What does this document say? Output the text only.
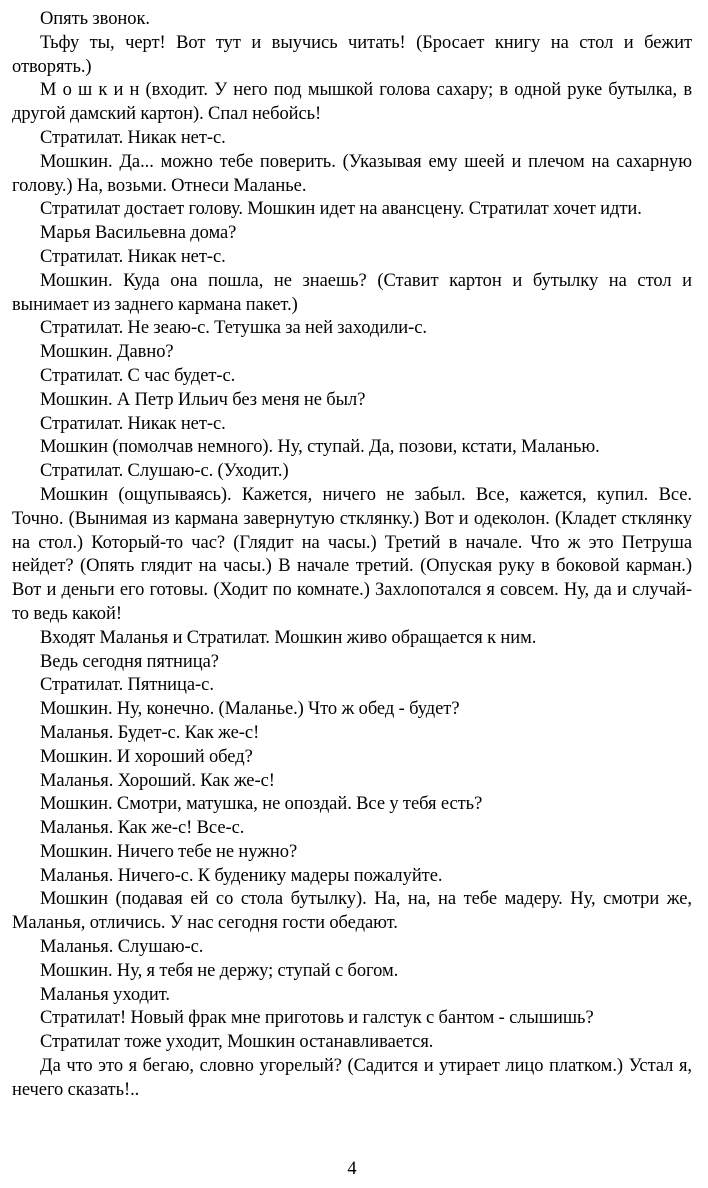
Опять звонок.

Тьфу ты, черт! Вот тут и выучись читать! (Бросает книгу на стол и бежит отворять.)

М о ш к и н (входит. У него под мышкой голова сахару; в одной руке бутылка, в другой дамский картон). Спал небойсь!

Стратилат. Никак нет-с.

Мошкин. Да... можно тебе поверить. (Указывая ему шеей и плечом на сахарную голову.) На, возьми. Отнеси Маланье.

Стратилат достает голову. Мошкин идет на авансцену. Стратилат хочет идти.

Марья Васильевна дома?

Стратилат. Никак нет-с.

Мошкин. Куда она пошла, не знаешь? (Ставит картон и бутылку на стол и вынимает из заднего кармана пакет.)

Стратилат. Не зеаю-с. Тетушка за ней заходили-с.

Мошкин. Давно?

Стратилат. С час будет-с.

Мошкин. А Петр Ильич без меня не был?

Стратилат. Никак нет-с.

Мошкин (помолчав немного). Ну, ступай. Да, позови, кстати, Маланью.

Стратилат. Слушаю-с. (Уходит.)

Мошкин (ощупываясь). Кажется, ничего не забыл. Все, кажется, купил. Все. Точно. (Вынимая из кармана завернутую стклянку.) Вот и одеколон. (Кладет стклянку на стол.) Который-то час? (Глядит на часы.) Третий в начале. Что ж это Петруша нейдет? (Опять глядит на часы.) В начале третий. (Опуская руку в боковой карман.) Вот и деньги его готовы. (Ходит по комнате.) Захлопотался я совсем. Ну, да и случай-то ведь какой!

Входят Маланья и Стратилат. Мошкин живо обращается к ним.

Ведь сегодня пятница?

Стратилат. Пятница-с.

Мошкин. Ну, конечно. (Маланье.) Что ж обед - будет?

Маланья. Будет-с. Как же-с!

Мошкин. И хороший обед?

Маланья. Хороший. Как же-с!

Мошкин. Смотри, матушка, не опоздай. Все у тебя есть?

Маланья. Как же-с! Все-с.

Мошкин. Ничего тебе не нужно?

Маланья. Ничего-с. К буденику мадеры пожалуйте.

Мошкин (подавая ей со стола бутылку). На, на, на тебе мадеру. Ну, смотри же, Маланья, отличись. У нас сегодня гости обедают.

Маланья. Слушаю-с.

Мошкин. Ну, я тебя не держу; ступай с богом.

Маланья уходит.

Стратилат! Новый фрак мне приготовь и галстук с бантом - слышишь?

Стратилат тоже уходит, Мошкин останавливается.

Да что это я бегаю, словно угорелый? (Садится и утирает лицо платком.) Устал я, нечего сказать!..

4
